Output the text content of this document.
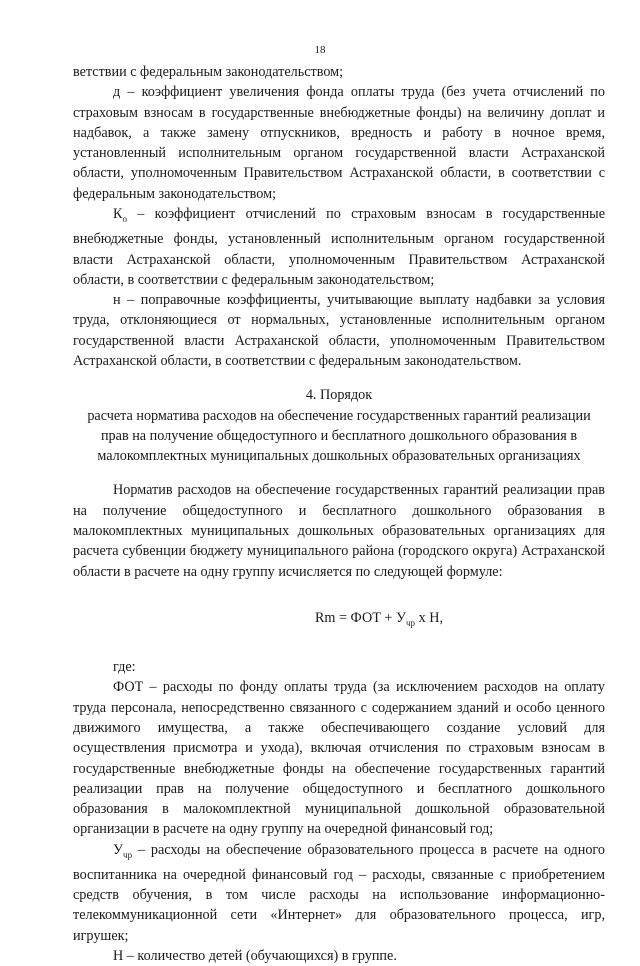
18

ветствии с федеральным законодательством;

д – коэффициент увеличения фонда оплаты труда (без учета отчислений по страховым взносам в государственные внебюджетные фонды) на величину доплат и надбавок, а также замену отпускников, вредность и работу в ночное время, установленный исполнительным органом государственной власти Астраханской области, уполномоченным Правительством Астраханской области, в соответствии с федеральным законодательством;

$К_о$ – коэффициент отчислений по страховым взносам в государственные внебюджетные фонды, установленный исполнительным органом государственной власти Астраханской области, уполномоченным Правительством Астраханской области, в соответствии с федеральным законодательством;

н – поправочные коэффициенты, учитывающие выплату надбавки за условия труда, отклоняющиеся от нормальных, установленные исполнительным органом государственной власти Астраханской области, уполномоченным Правительством Астраханской области, в соответствии с федеральным законодательством.

4. Порядок

расчета норматива расходов на обеспечение государственных гарантий реализации прав на получение общедоступного и бесплатного дошкольного образования в малокомплектных муниципальных дошкольных образовательных организациях

Норматив расходов на обеспечение государственных гарантий реализации прав на получение общедоступного и бесплатного дошкольного образования в малокомплектных муниципальных дошкольных образовательных организациях для расчета субвенции бюджету муниципального района (городского округа) Астраханской области в расчете на одну группу исчисляется по следующей формуле:

Rm = ФОТ + $У_{чр}$ x Н,

где:

ФОТ – расходы по фонду оплаты труда (за исключением расходов на оплату труда персонала, непосредственно связанного с содержанием зданий и особо ценного движимого имущества, а также обеспечивающего создание условий для осуществления присмотра и ухода), включая отчисления по страховым взносам в государственные внебюджетные фонды на обеспечение государственных гарантий реализации прав на получение общедоступного и бесплатного дошкольного образования в малокомплектной муниципальной дошкольной образовательной организации в расчете на одну группу на очередной финансовый год;

$У_{чр}$ – расходы на обеспечение образовательного процесса в расчете на одного воспитанника на очередной финансовый год – расходы, связанные с приобретением средств обучения, в том числе расходы на использование информационно-телекоммуникационной сети «Интернет» для образовательного процесса, игр, игрушек;

Н – количество детей (обучающихся) в группе.
